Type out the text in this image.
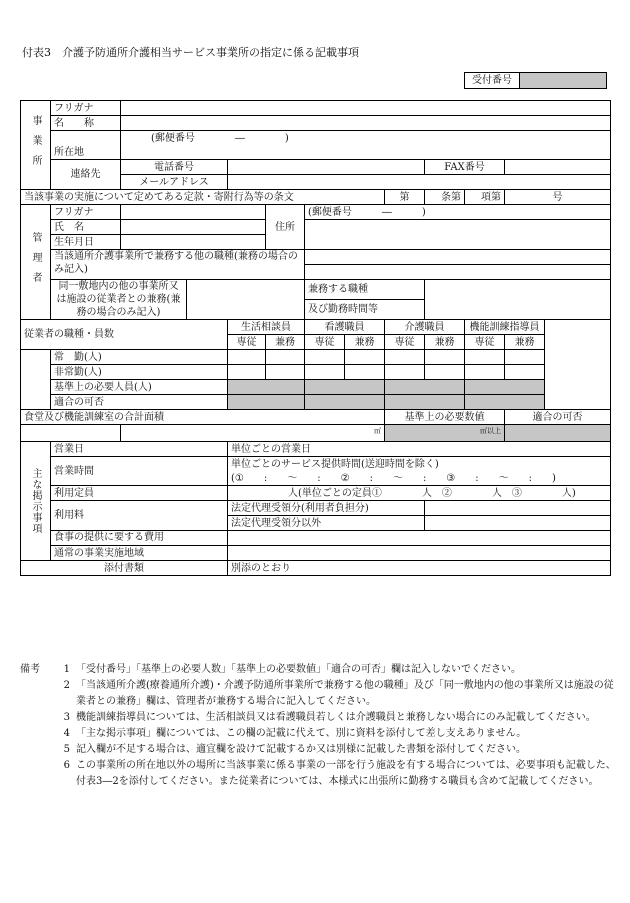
付表3　介護予防通所介護相当サービス事業所の指定に係る記載事項
受付番号
事業所	フリガナ											
	名　　称											
	所在地	(郵便番号　　　　―　　　　)										

	連絡先	電話番号							FAX番号			
		メールアドレス										
当該事業の実施について定めてある定款・寄附行為等の条文								第	条第	項第	号	
管理者	フリガナ				住所	(郵便番号　　　―　　　)						
	氏　名											
	生年月日											
	当該通所介護事業所で兼務する他の職種(兼務の場合のみ記入)											

	同一敷地内の他の事業所又は施設の従業者との兼務(兼務の場合のみ記入)					兼務する職種						
						及び勤務時間等						
従業者の職種・員数				生活相談員		看護職員		介護職員		機能訓練指導員		
				専従	兼務	専従	兼務	専従	兼務	専従	兼務	
	常　勤(人)											
	非常勤(人)											
	基準上の必要人員(人)											
	適合の可否											
食堂及び機能訓練室の合計面積								基準上の必要数値			適合の可否	
		㎡						$^{㎡以上}$	
主な掲示事項	営業日			単位ごとの営業日								
	営業時間			単位ごとのサービス提供時間(送迎時間を除く)								
				(①　　:　　～　　:　　②　　:　　～　　:　　③　　:　　～　　:　　)								
	利用定員			人(単位ごとの定員①　　　　人　②　　　　人　③　　　　人)								
	利用料			法定代理受領分(利用者負担分)								
				法定代理受領分以外								
	食事の提供に要する費用											

	通常の事業実施地域											

添付書類				別添のとおり								
備考	1 「受付番号」「基準上の必要人数」「基準上の必要数値」「適合の可否」欄は記入しないでください。
2 「当該通所介護(療養通所介護)・介護予防通所事業所で兼務する他の職種」及び「同一敷地内の他の事業所又は施設の従業者との兼務」欄は、管理者が兼務する場合に記入してください。
3 機能訓練指導員については、生活相談員又は看護職員若しくは介護職員と兼務しない場合にのみ記載してください。
4 「主な掲示事項」欄については、この欄の記載に代えて、別に資料を添付して差し支えありません。
5 記入欄が不足する場合は、適宜欄を設けて記載するか又は別様に記載した書類を添付してください。
6 この事業所の所在地以外の場所に当該事業に係る事業の一部を行う施設を有する場合については、必要事項も記載した、付表3―2を添付してください。また従業者については、本様式に出張所に勤務する職員も含めて記載してください。
